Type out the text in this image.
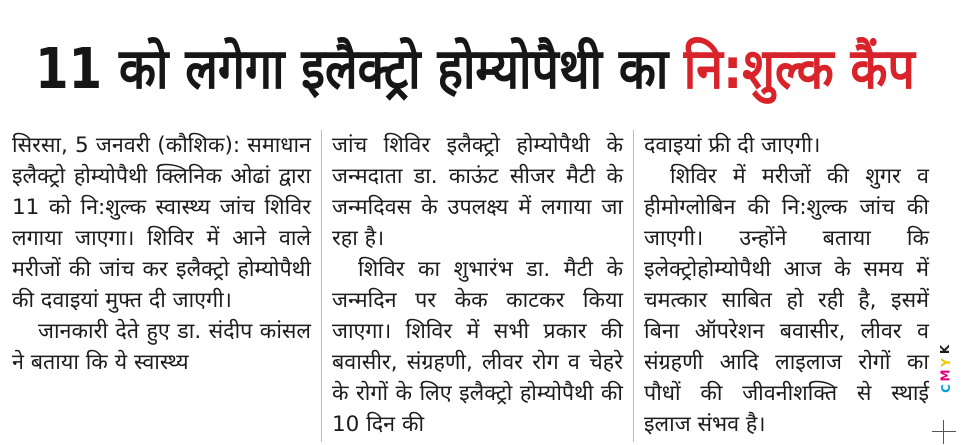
11 को लगेगा इलैक्ट्रो होम्योपैथी का नि:शुल्क कैंप

सिरसा, 5 जनवरी (कौशिक): समाधान इलैक्ट्रो होम्योपैथी क्लिनिक ओढां द्वारा 11 को नि:शुल्क स्वास्थ्य जांच शिविर लगाया जाएगा। शिविर में आने वाले मरीजों की जांच कर इलैक्ट्रो होम्योपैथी की दवाइयां मुफ्त दी जाएगी।

जानकारी देते हुए डा. संदीप कांसल ने बताया कि ये स्वास्थ्य

जांच शिविर इलैक्ट्रो होम्योपैथी के जन्मदाता डा. काऊंट सीजर मैटी के जन्मदिवस के उपलक्ष्य में लगाया जा रहा है।

शिविर का शुभारंभ डा. मैटी के जन्मदिन पर केक काटकर किया जाएगा। शिविर में सभी प्रकार की बवासीर, संग्रहणी, लीवर रोग व चेहरे के रोगों के लिए इलैक्ट्रो होम्योपैथी की 10 दिन की

दवाइयां फ्री दी जाएगी।

शिविर में मरीजों की शुगर व हीमोग्लोबिन की नि:शुल्क जांच की जाएगी। उन्होंने बताया कि इलेक्ट्रोहोम्योपैथी आज के समय में चमत्कार साबित हो रही है, इसमें बिना ऑपरेशन बवासीर, लीवर व संग्रहणी आदि लाइलाज रोगों का पौधों की जीवनीशक्ति से स्थाई इलाज संभव है।

K
Y
M
C
